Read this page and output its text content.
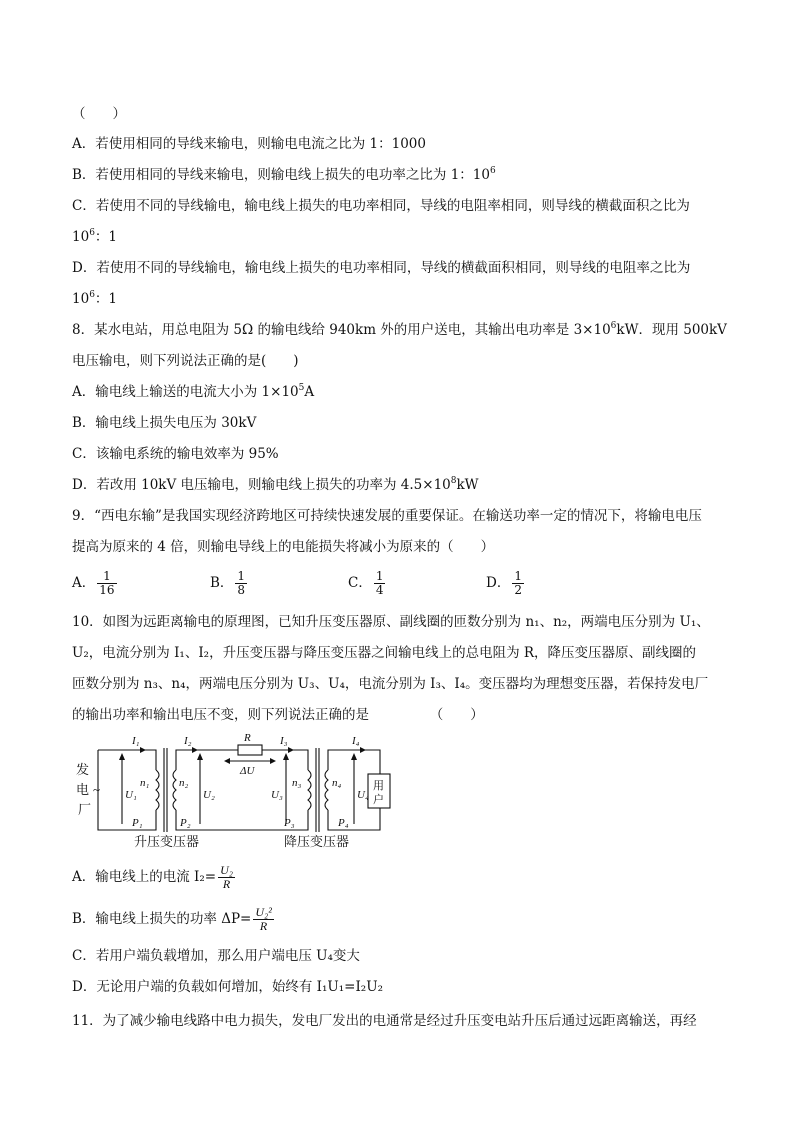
（　　）
A．若使用相同的导线来输电，则输电电流之比为 1：1000
B．若使用相同的导线来输电，则输电线上损失的电功率之比为 1：$10^6$
C．若使用不同的导线输电，输电线上损失的电功率相同，导线的电阻率相同，则导线的横截面积之比为
$10^6$：1
D．若使用不同的导线输电，输电线上损失的电功率相同，导线的横截面积相同，则导线的电阻率之比为
$10^6$：1
8．某水电站，用总电阻为 5Ω 的输电线给 940km 外的用户送电，其输出电功率是 $3\times 10^6kW$．现用 500kV
电压输电，则下列说法正确的是(　　)
A．输电线上输送的电流大小为 $1\times 10^5A$
B．输电线上损失电压为 30kV
C．该输电系统的输电效率为 95%
D．若改用 10kV 电压输电，则输电线上损失的功率为 $4.5\times 10^8kW$
9．“西电东输”是我国实现经济跨地区可持续快速发展的重要保证。在输送功率一定的情况下，将输电电压
提高为原来的 4 倍，则输电导线上的电能损失将减小为原来的（　　）
A． $\frac{1}{16}$	B． $\frac{1}{8}$	C． $\frac{1}{4}$	D． $\frac{1}{2}$
10．如图为远距离输电的原理图，已知升压变压器原、副线圈的匝数分别为 n₁、n₂，两端电压分别为 U₁、
U₂，电流分别为 I₁、I₂，升压变压器与降压变压器之间输电线上的总电阻为 R，降压变压器原、副线圈的
匝数分别为 n₃、n₄，两端电压分别为 U₃、U₄，电流分别为 I₃、I₄。变压器均为理想变压器，若保持发电厂
的输出功率和输出电压不变，则下列说法正确的是　　　　　（　　）
发
电
厂
~
I₁	I₂	I₃	I₄
R
ΔU
n₁	n₂	n₃	n₄
U₁	U₂	U₃	U₄
P₁	P₂	P₃	P₄
用
户
升压变压器	降压变压器
A．输电线上的电流 $I_2= \frac{\text{U₂}}{R}$
B．输电线上损失的功率 $\Delta P= \frac{\text{U₂²}}{R}$
C．若用户端负载增加，那么用户端电压 U₄变大
D．无论用户端的负载如何增加，始终有 I₁U₁=I₂U₂
11．为了减少输电线路中电力损失，发电厂发出的电通常是经过升压变电站升压后通过远距离输送，再经
